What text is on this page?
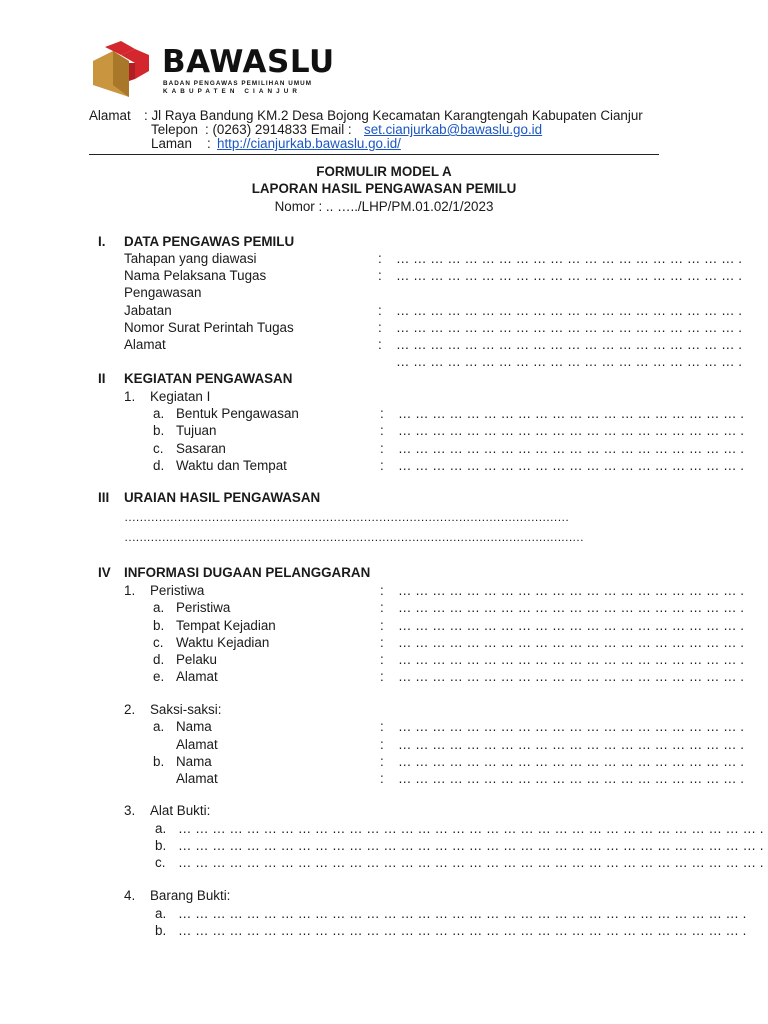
BAWASLU
BADAN PENGAWAS PEMILIHAN UMUM
KABUPATEN CIANJUR
Alamat : Jl Raya Bandung KM.2 Desa Bojong Kecamatan Karangtengah Kabupaten Cianjur
Telepon : (0263) 2914833 Email : set.cianjurkab@bawaslu.go.id
Laman : http://cianjurkab.bawaslu.go.id/
FORMULIR MODEL A
LAPORAN HASIL PENGAWASAN PEMILU
Nomor : .. …../LHP/PM.01.02/1/2023
I. DATA PENGAWAS PEMILU
Tahapan yang diawasi	: … … … … … … … … … … … … … … … … … … … … .
Nama Pelaksana Tugas	: … … … … … … … … … … … … … … … … … … … … .
Pengawasan
Jabatan	: … … … … … … … … … … … … … … … … … … … … .
Nomor Surat Perintah Tugas	: … … … … … … … … … … … … … … … … … … … … .
Alamat	: … … … … … … … … … … … … … … … … … … … … .
… … … … … … … … … … … … … … … … … … … … .
II KEGIATAN PENGAWASAN
1. Kegiatan I
a. Bentuk Pengawasan	: … … … … … … … … … … … … … … … … … … … … .
b. Tujuan	: … … … … … … … … … … … … … … … … … … … … .
c. Sasaran	: … … … … … … … … … … … … … … … … … … … … .
d. Waktu dan Tempat	: … … … … … … … … … … … … … … … … … … … … .
III URAIAN HASIL PENGAWASAN
………………………………………………………………………………………………………
……………………………………………………………………………………………………………
IV INFORMASI DUGAAN PELANGGARAN
1. Peristiwa	: … … … … … … … … … … … … … … … … … … … … .
a. Peristiwa	: … … … … … … … … … … … … … … … … … … … … .
b. Tempat Kejadian	: … … … … … … … … … … … … … … … … … … … … .
c. Waktu Kejadian	: … … … … … … … … … … … … … … … … … … … … .
d. Pelaku	: … … … … … … … … … … … … … … … … … … … … .
e. Alamat	: … … … … … … … … … … … … … … … … … … … … .
2. Saksi-saksi:
a. Nama	: … … … … … … … … … … … … … … … … … … … … .
Alamat	: … … … … … … … … … … … … … … … … … … … … .
b. Nama	: … … … … … … … … … … … … … … … … … … … … .
Alamat	: … … … … … … … … … … … … … … … … … … … … .
3. Alat Bukti:
a. … … … … … … … … … … … … … … … … … … … … … … … … … … … … … … … … … … .
b. … … … … … … … … … … … … … … … … … … … … … … … … … … … … … … … … … … .
c. … … … … … … … … … … … … … … … … … … … … … … … … … … … … … … … … … … .
4. Barang Bukti:
a. … … … … … … … … … … … … … … … … … … … … … … … … … … … … … … … … … .
b. … … … … … … … … … … … … … … … … … … … … … … … … … … … … … … … … … .
